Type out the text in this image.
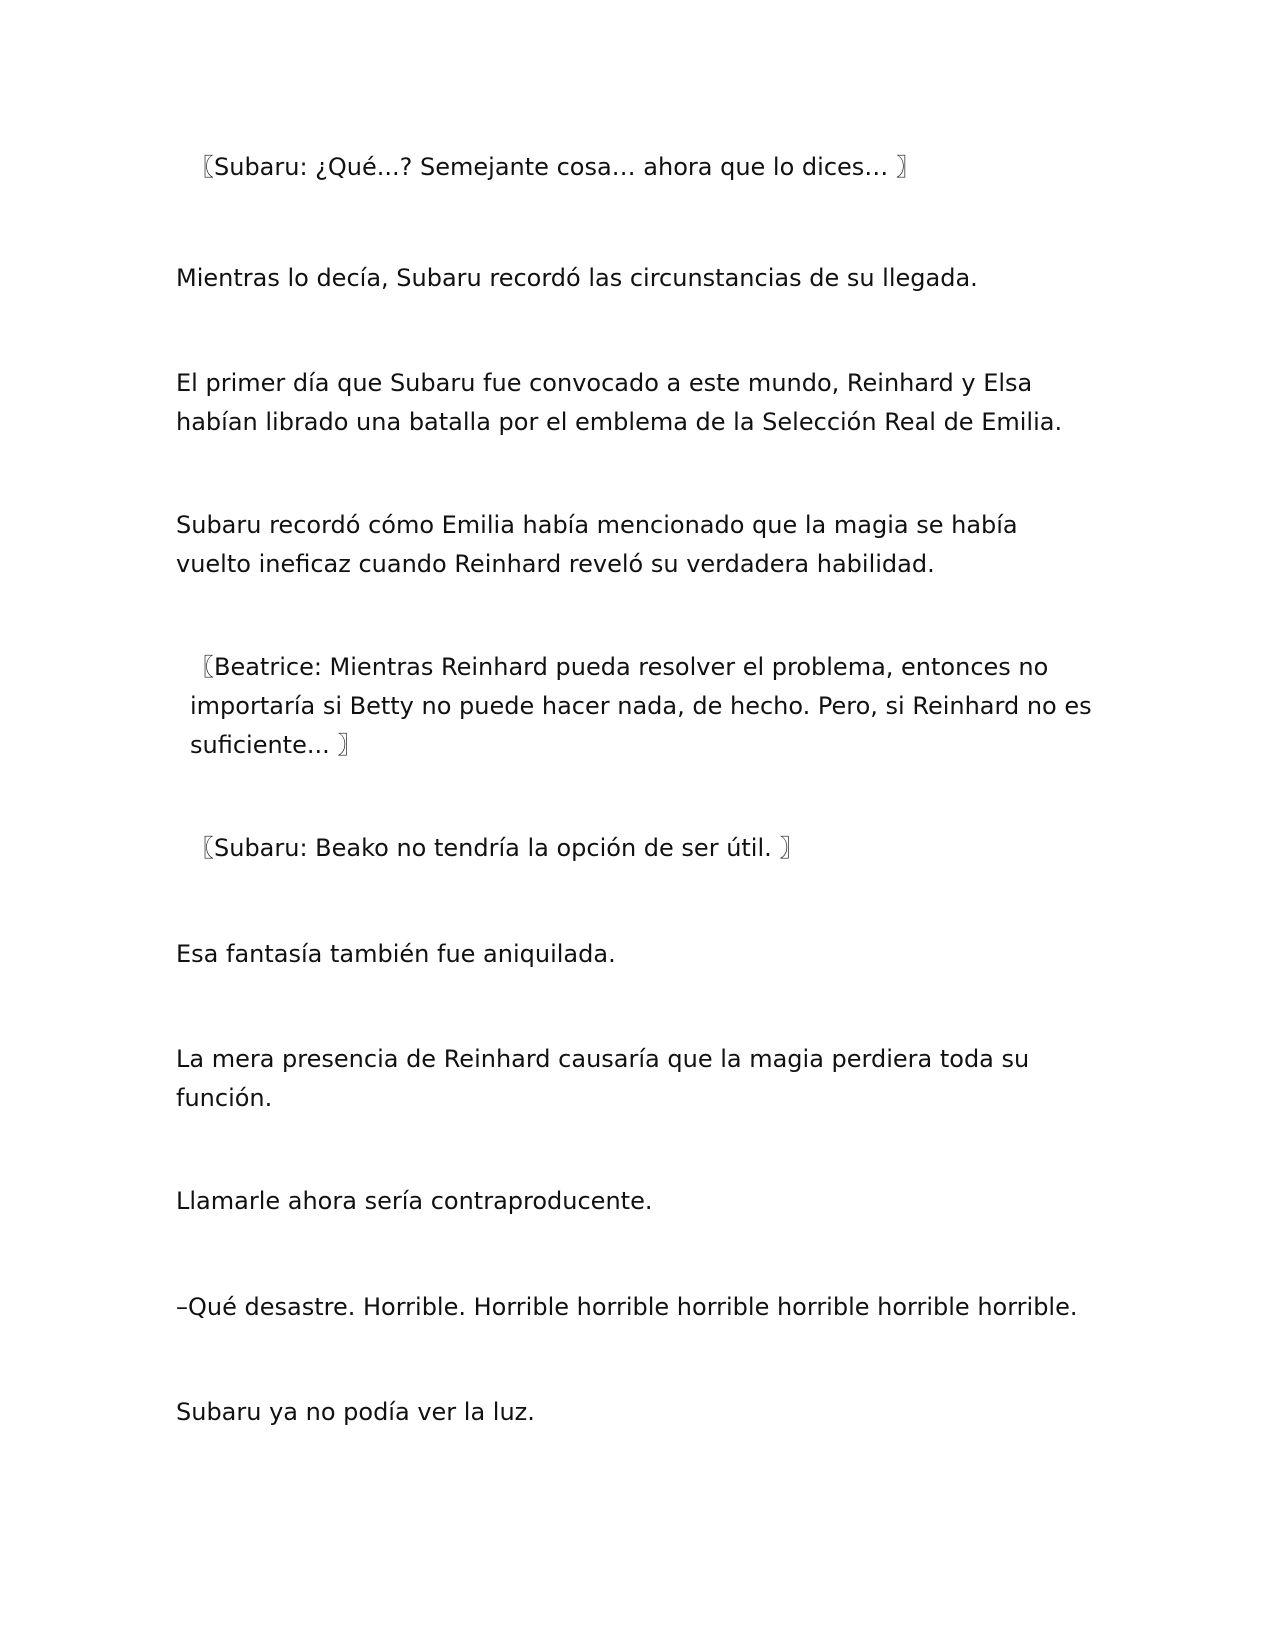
〖Subaru: ¿Qué...? Semejante cosa… ahora que lo dices… 〗

Mientras lo decía, Subaru recordó las circunstancias de su llegada.

El primer día que Subaru fue convocado a este mundo, Reinhard y Elsa habían librado una batalla por el emblema de la Selección Real de Emilia.

Subaru recordó cómo Emilia había mencionado que la magia se había vuelto ineficaz cuando Reinhard reveló su verdadera habilidad.

〖Beatrice: Mientras Reinhard pueda resolver el problema, entonces no importaría si Betty no puede hacer nada, de hecho. Pero, si Reinhard no es suficiente... 〗

〖Subaru: Beako no tendría la opción de ser útil. 〗

Esa fantasía también fue aniquilada.

La mera presencia de Reinhard causaría que la magia perdiera toda su función.

Llamarle ahora sería contraproducente.

–Qué desastre. Horrible. Horrible horrible horrible horrible horrible horrible.

Subaru ya no podía ver la luz.
